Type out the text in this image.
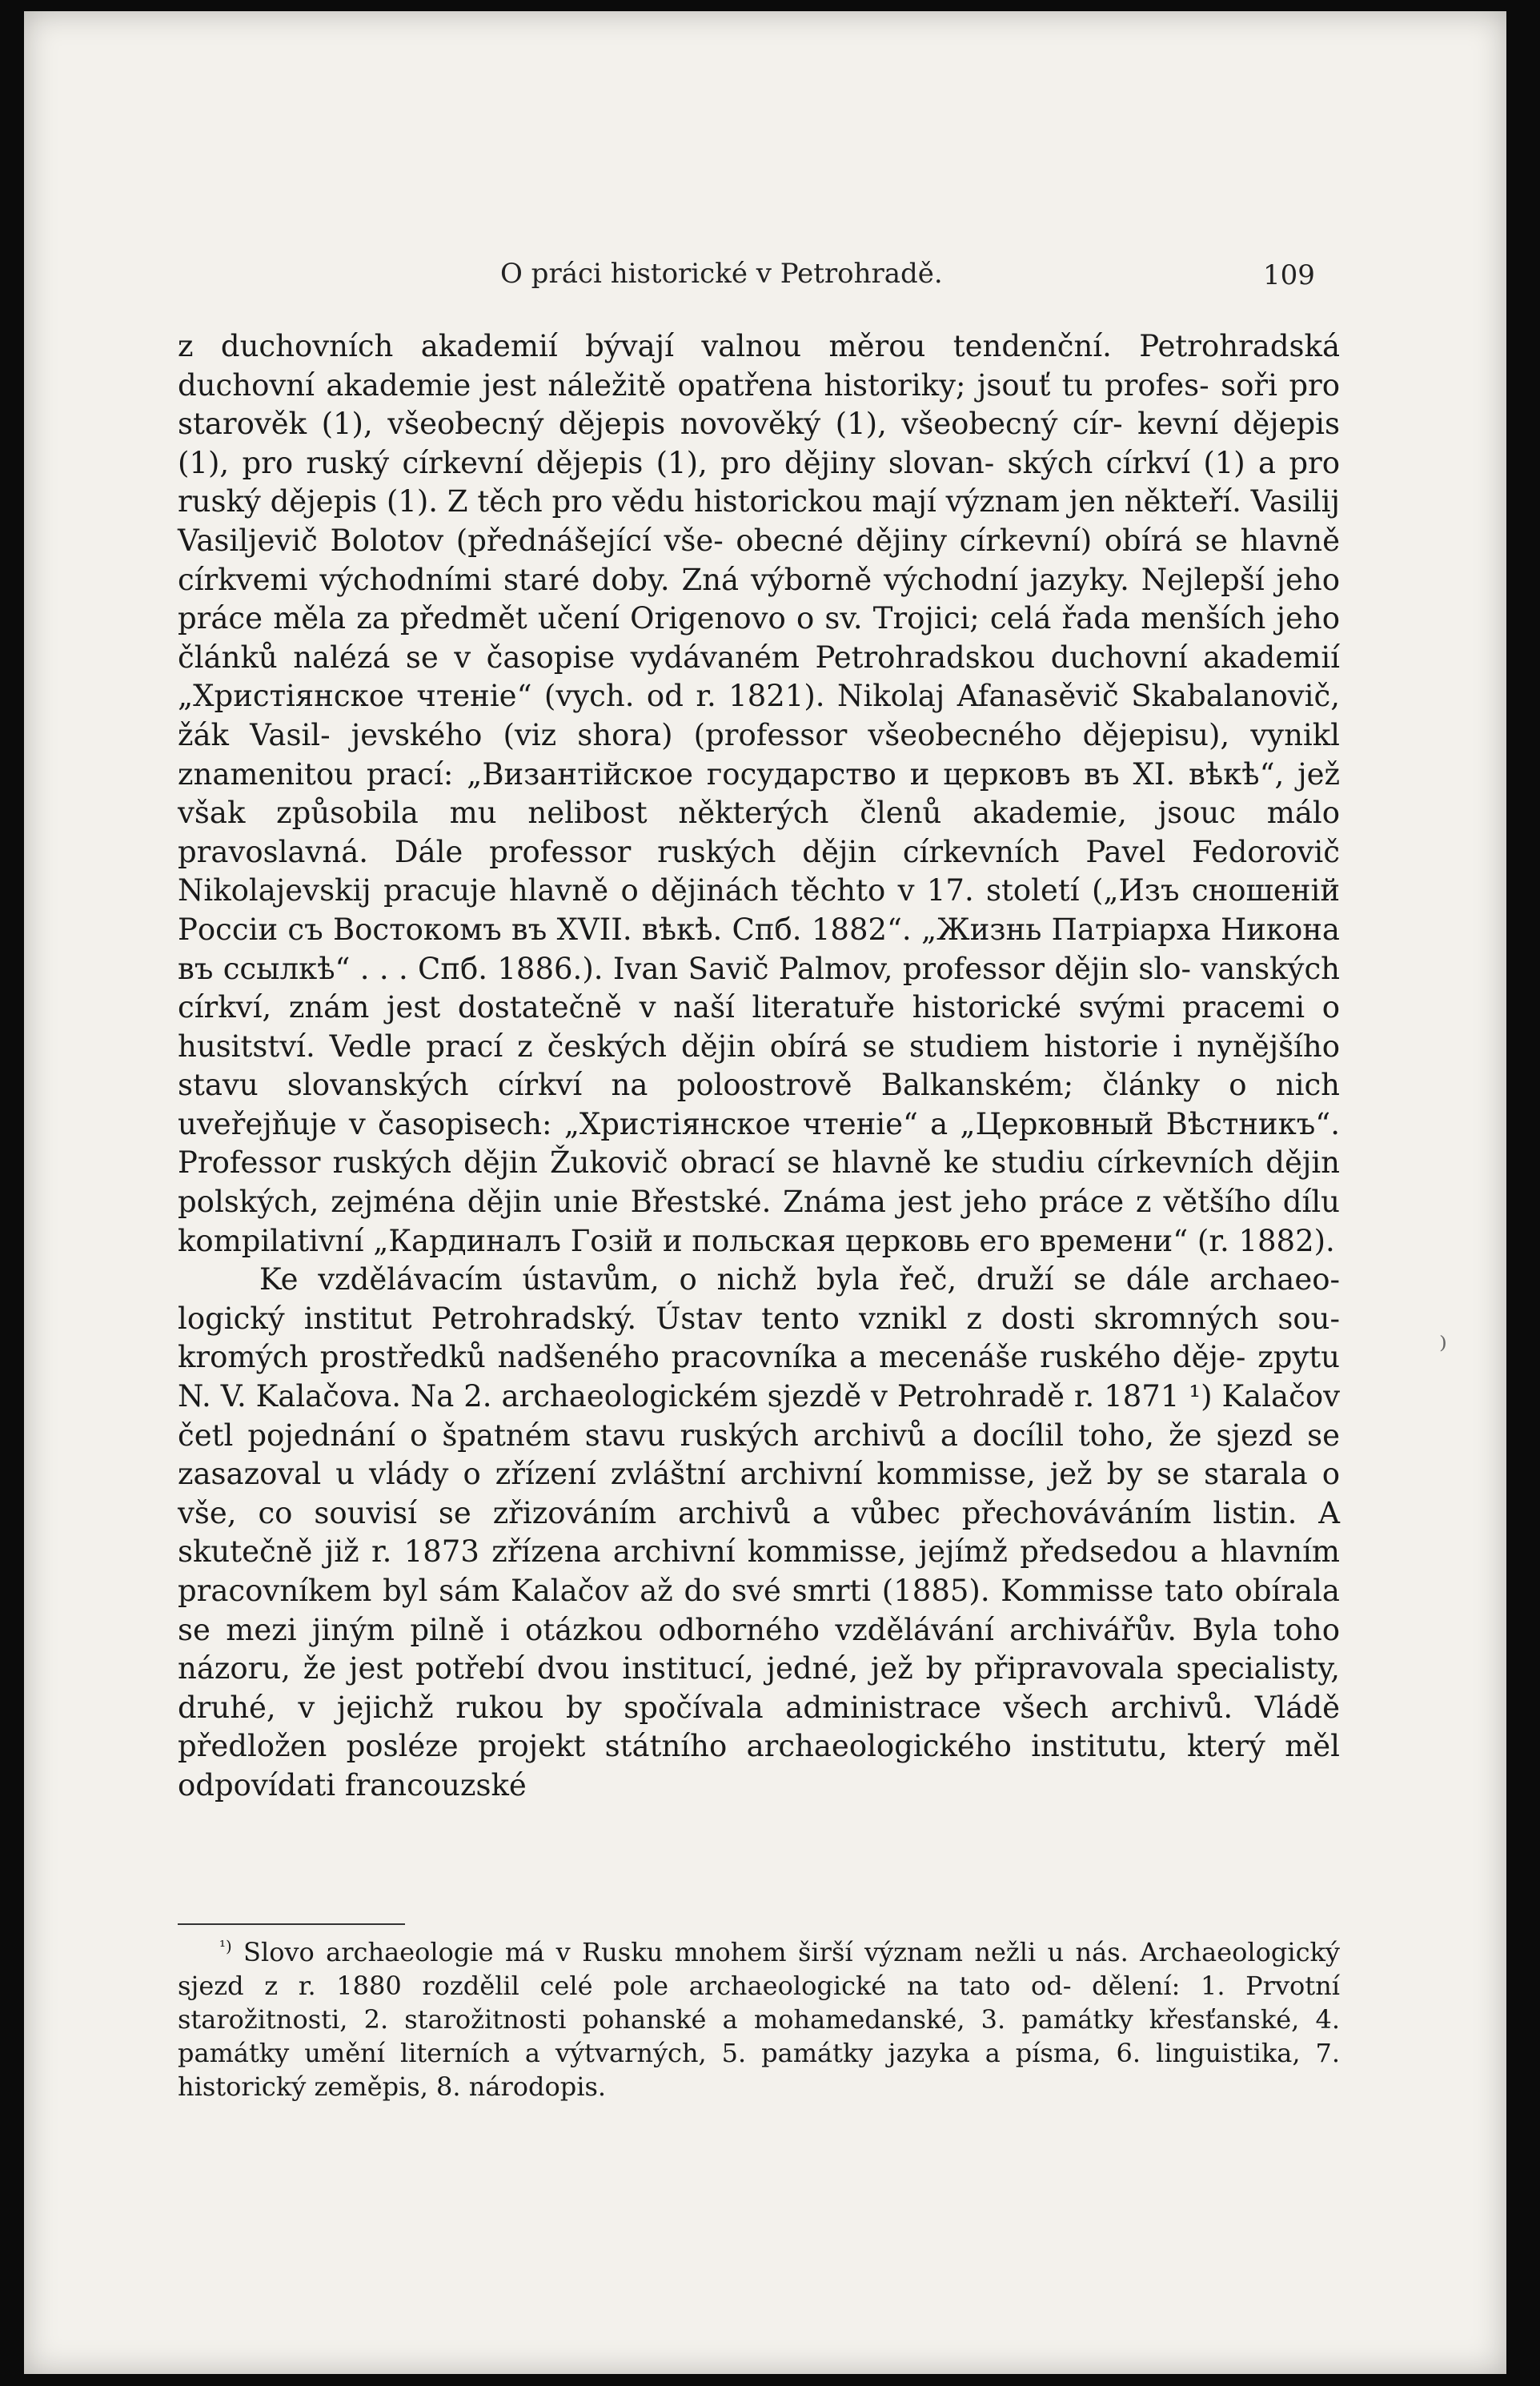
O práci historické v Petrohradě.	109

z duchovních akademií bývají valnou měrou tendenční. Petrohradská duchovní akademie jest náležitě opatřena historiky; jsouť tu profes- soři pro starověk (1), všeobecný dějepis novověký (1), všeobecný cír- kevní dějepis (1), pro ruský církevní dějepis (1), pro dějiny slovan- ských církví (1) a pro ruský dějepis (1). Z těch pro vědu historickou mají význam jen někteří. Vasilij Vasiljevič Bolotov (přednášející vše- obecné dějiny církevní) obírá se hlavně církvemi východními staré doby. Zná výborně východní jazyky. Nejlepší jeho práce měla za předmět učení Origenovo o sv. Trojici; celá řada menších jeho článků nalézá se v časopise vydávaném Petrohradskou duchovní akademií „Христіянское чтеніе“ (vych. od r. 1821). Nikolaj Afanasěvič Skabalanovič, žák Vasil- jevského (viz shora) (professor všeobecného dějepisu), vynikl znamenitou prací: „Византійское государство и церковъ въ XI. вѣкѣ“, jež však způsobila mu nelibost některých členů akademie, jsouc málo pravoslavná. Dále professor ruských dějin církevních Pavel Fedorovič Nikolajevskij pracuje hlavně o dějinách těchto v 17. století („Изъ сношеній Россіи съ Востокомъ въ XVII. вѣкѣ. Спб. 1882“. „Жизнь Патріарха Никона въ ссылкѣ“ . . . Спб. 1886.). Ivan Savič Palmov, professor dějin slo- vanských církví, znám jest dostatečně v naší literatuře historické svými pracemi o husitství. Vedle prací z českých dějin obírá se studiem historie i nynějšího stavu slovanských církví na poloostrově Balkanském; články o nich uveřejňuje v časopisech: „Христіянское чтеніе“ a „Церковный Вѣстникъ“. Professor ruských dějin Žukovič obrací se hlavně ke studiu církevních dějin polských, zejména dějin unie Břestské. Známa jest jeho práce z většího dílu kompilativní „Кардиналъ Гозій и польская церковь его времени“ (r. 1882).

Ke vzdělávacím ústavům, o nichž byla řeč, druží se dále archaeo- logický institut Petrohradský. Ústav tento vznikl z dosti skromných sou- kromých prostředků nadšeného pracovníka a mecenáše ruského děje- zpytu N. V. Kalačova. Na 2. archaeologickém sjezdě v Petrohradě r. 1871 ¹) Kalačov četl pojednání o špatném stavu ruských archivů a docílil toho, že sjezd se zasazoval u vlády o zřízení zvláštní archivní kommisse, jež by se starala o vše, co souvisí se zřizováním archivů a vůbec přechováváním listin. A skutečně již r. 1873 zřízena archivní kommisse, jejímž předsedou a hlavním pracovníkem byl sám Kalačov až do své smrti (1885). Kommisse tato obírala se mezi jiným pilně i otázkou odborného vzdělávání archivářův. Byla toho názoru, že jest potřebí dvou institucí, jedné, jež by připravovala specialisty, druhé, v jejichž rukou by spočívala administrace všech archivů. Vládě předložen posléze projekt státního archaeologického institutu, který měl odpovídati francouzské

$^{^1)}$ Slovo archaeologie má v Rusku mnohem širší význam nežli u nás. Archaeologický sjezd z r. 1880 rozdělil celé pole archaeologické na tato od- dělení: 1. Prvotní starožitnosti, 2. starožitnosti pohanské a mohamedanské, 3. památky křesťanské, 4. památky umění literních a výtvarných, 5. památky jazyka a písma, 6. linguistika, 7. historický zeměpis, 8. národopis.

⁾
